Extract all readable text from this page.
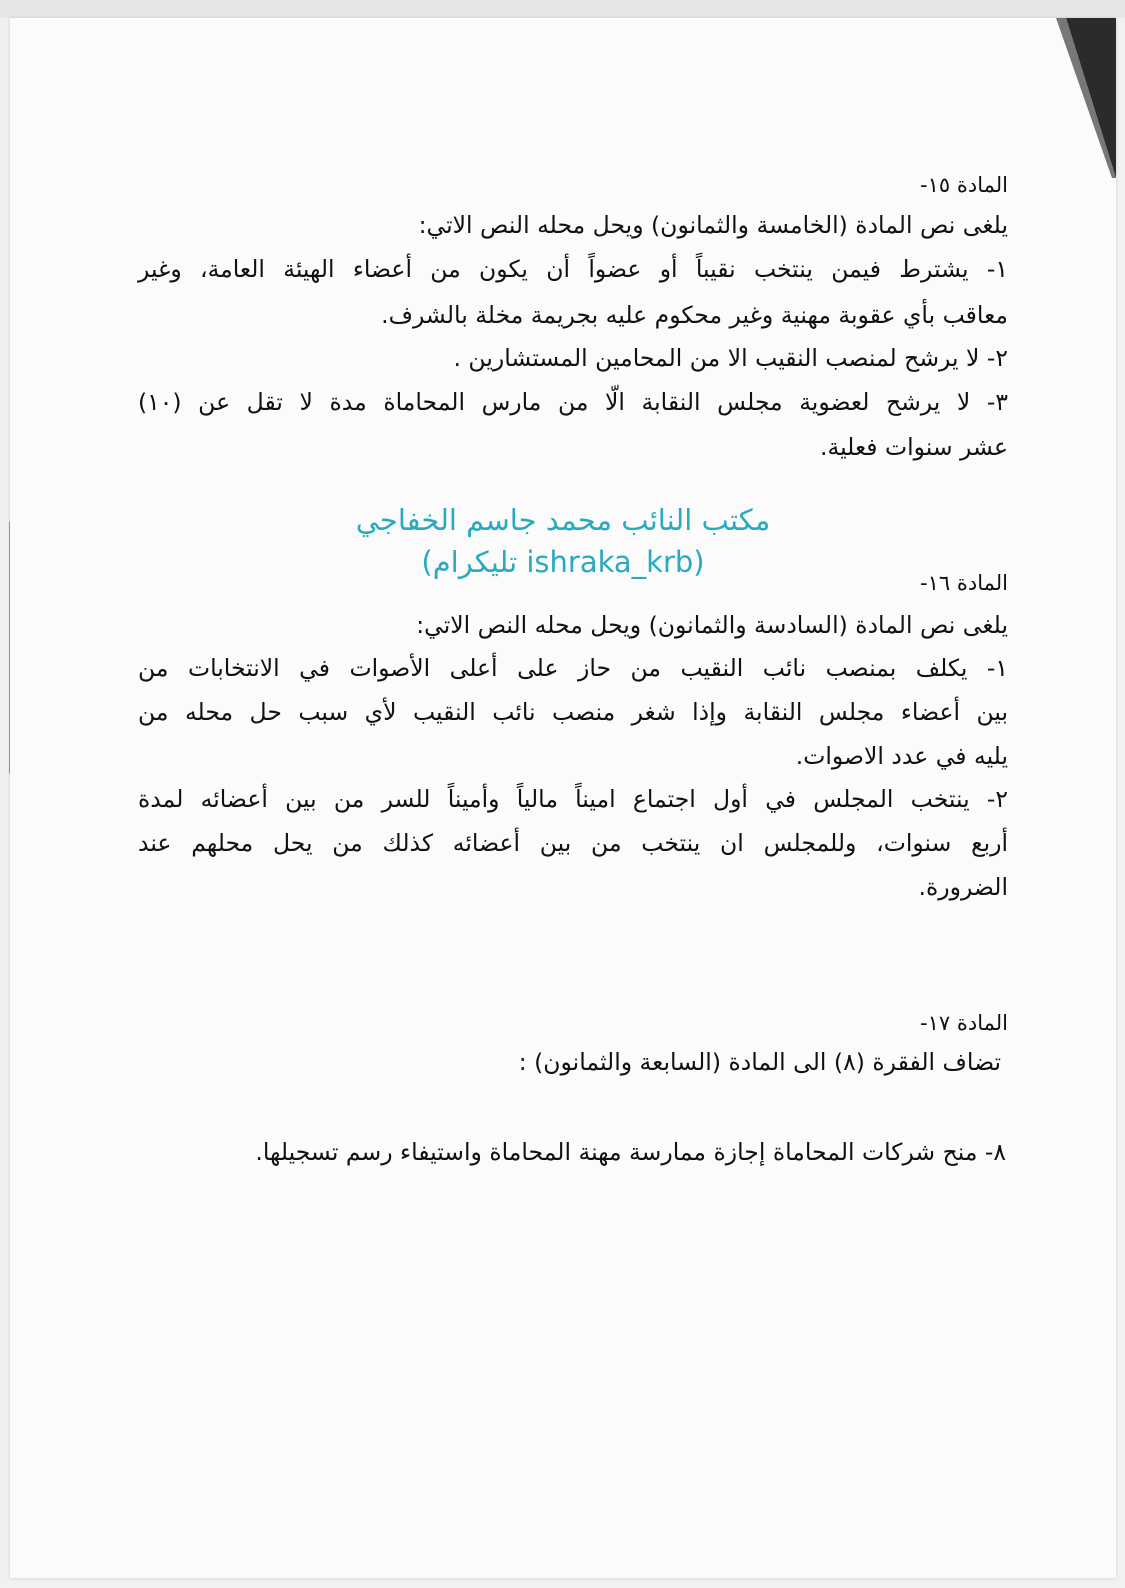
المادة ١٥-
يلغى نص المادة (الخامسة والثمانون) ويحل محله النص الاتي:
١- يشترط فيمن ينتخب نقيباً أو عضواً أن يكون من أعضاء الهيئة العامة، وغير
معاقب بأي عقوبة مهنية وغير محكوم عليه بجريمة مخلة بالشرف.
٢- لا يرشح لمنصب النقيب الا من المحامين المستشارين .
٣- لا يرشح لعضوية مجلس النقابة الّا من مارس المحاماة مدة لا تقل عن (١٠)
عشر سنوات فعلية.
مكتب النائب محمد جاسم الخفاجي
(تليكرام ishraka_krb)
المادة ١٦-
يلغى نص المادة (السادسة والثمانون) ويحل محله النص الاتي:
١- يكلف بمنصب نائب النقيب من حاز على أعلى الأصوات في الانتخابات من
بين أعضاء مجلس النقابة وإذا شغر منصب نائب النقيب لأي سبب حل محله من
يليه في عدد الاصوات.
٢- ينتخب المجلس في أول اجتماع اميناً مالياً وأميناً للسر من بين أعضائه لمدة
أربع سنوات، وللمجلس ان ينتخب من بين أعضائه كذلك من يحل محلهم عند
الضرورة.
المادة ١٧-
تضاف الفقرة (٨) الى المادة (السابعة والثمانون) :
٨- منح شركات المحاماة إجازة ممارسة مهنة المحاماة واستيفاء رسم تسجيلها.
